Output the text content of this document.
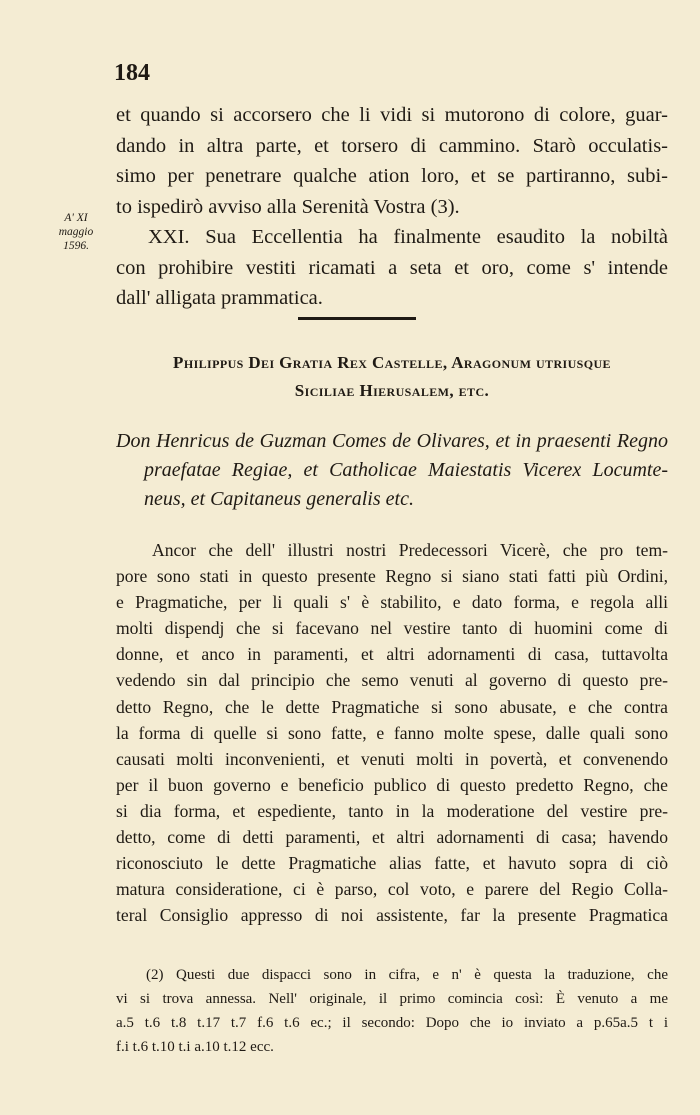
184
A' XI
maggio
1596.
et quando si accorsero che li vidi si mutorono di colore, guar-
dando in altra parte, et torsero di cammino. Starò occulatis-
simo per penetrare qualche ation loro, et se partiranno, subi-
to ispedirò avviso alla Serenità Vostra (3).
XXI. Sua Eccellentia ha finalmente esaudito la nobiltà
con prohibire vestiti ricamati a seta et oro, come s' intende
dall' alligata prammatica.
Philippus Dei Gratia Rex Castelle, Aragonum utriusque
Siciliae Hierusalem, etc.
Don Henricus de Guzman Comes de Olivares, et in praesenti Regno
praefatae Regiae, et Catholicae Maiestatis Vicerex Locumte-
neus, et Capitaneus generalis etc.
Ancor che dell' illustri nostri Predecessori Vicerè, che pro tem-
pore sono stati in questo presente Regno si siano stati fatti più Ordini,
e Pragmatiche, per li quali s' è stabilito, e dato forma, e regola alli
molti dispendj che si facevano nel vestire tanto di huomini come di
donne, et anco in paramenti, et altri adornamenti di casa, tuttavolta
vedendo sin dal principio che semo venuti al governo di questo pre-
detto Regno, che le dette Pragmatiche si sono abusate, e che contra
la forma di quelle si sono fatte, e fanno molte spese, dalle quali sono
causati molti inconvenienti, et venuti molti in povertà, et convenendo
per il buon governo e beneficio publico di questo predetto Regno, che
si dia forma, et espediente, tanto in la moderatione del vestire pre-
detto, come di detti paramenti, et altri adornamenti di casa; havendo
riconosciuto le dette Pragmatiche alias fatte, et havuto sopra di ciò
matura consideratione, ci è parso, col voto, e parere del Regio Colla-
teral Consiglio appresso di noi assistente, far la presente Pragmatica
(2) Questi due dispacci sono in cifra, e n' è questa la traduzione, che
vi si trova annessa. Nell' originale, il primo comincia così: È venuto a me
a.5 t.6 t.8 t.17 t.7 f.6 t.6 ec.; il secondo: Dopo che io inviato a p.65a.5 t i
f.i t.6 t.10 t.i a.10 t.12 ecc.
